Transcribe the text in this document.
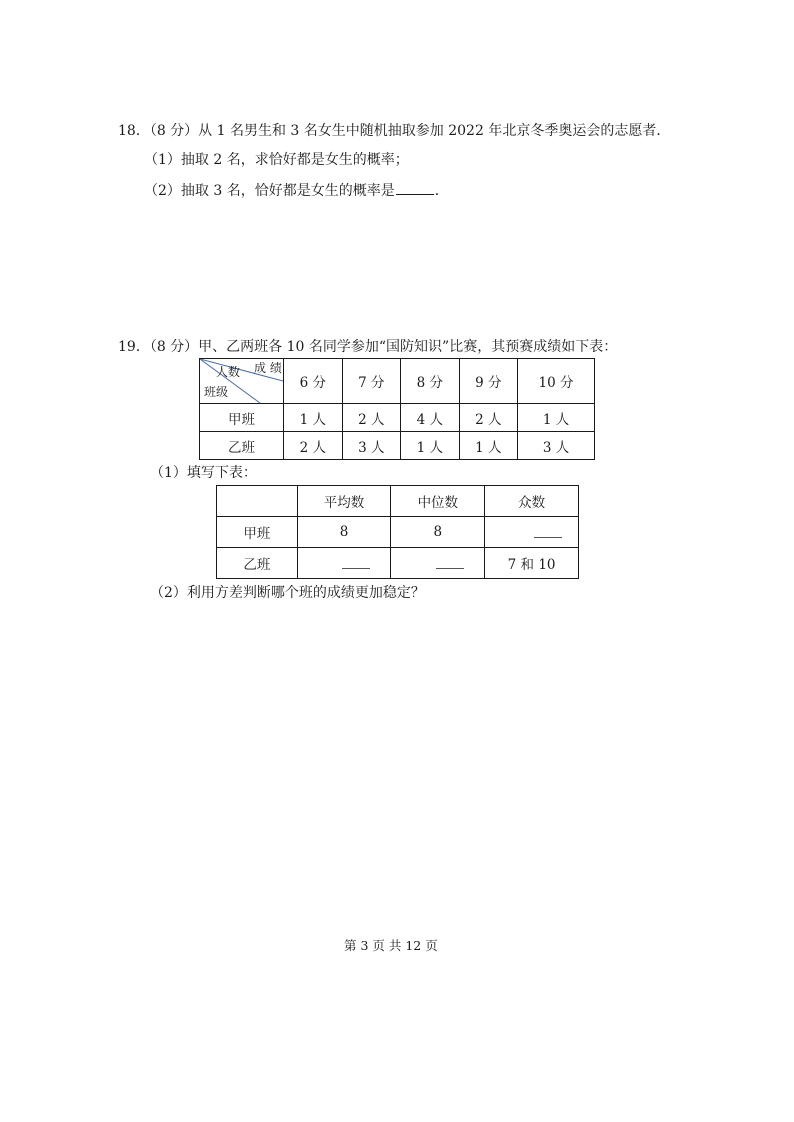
18．（8 分）从 1 名男生和 3 名女生中随机抽取参加 2022 年北京冬季奥运会的志愿者．
（1）抽取 2 名，求恰好都是女生的概率；
（2）抽取 3 名，恰好都是女生的概率是	．
19．（8 分）甲、乙两班各 10 名同学参加“国防知识”比赛，其预赛成绩如下表：
人数 成 绩
班级	6 分	7 分	8 分	9 分	10 分
甲班	1 人	2 人	4 人	2 人	1 人
乙班	2 人	3 人	1 人	1 人	3 人
（1）填写下表：
	平均数	中位数	众数
甲班	8	8	
乙班			7 和 10
（2）利用方差判断哪个班的成绩更加稳定？
第 3 页 共 12 页
